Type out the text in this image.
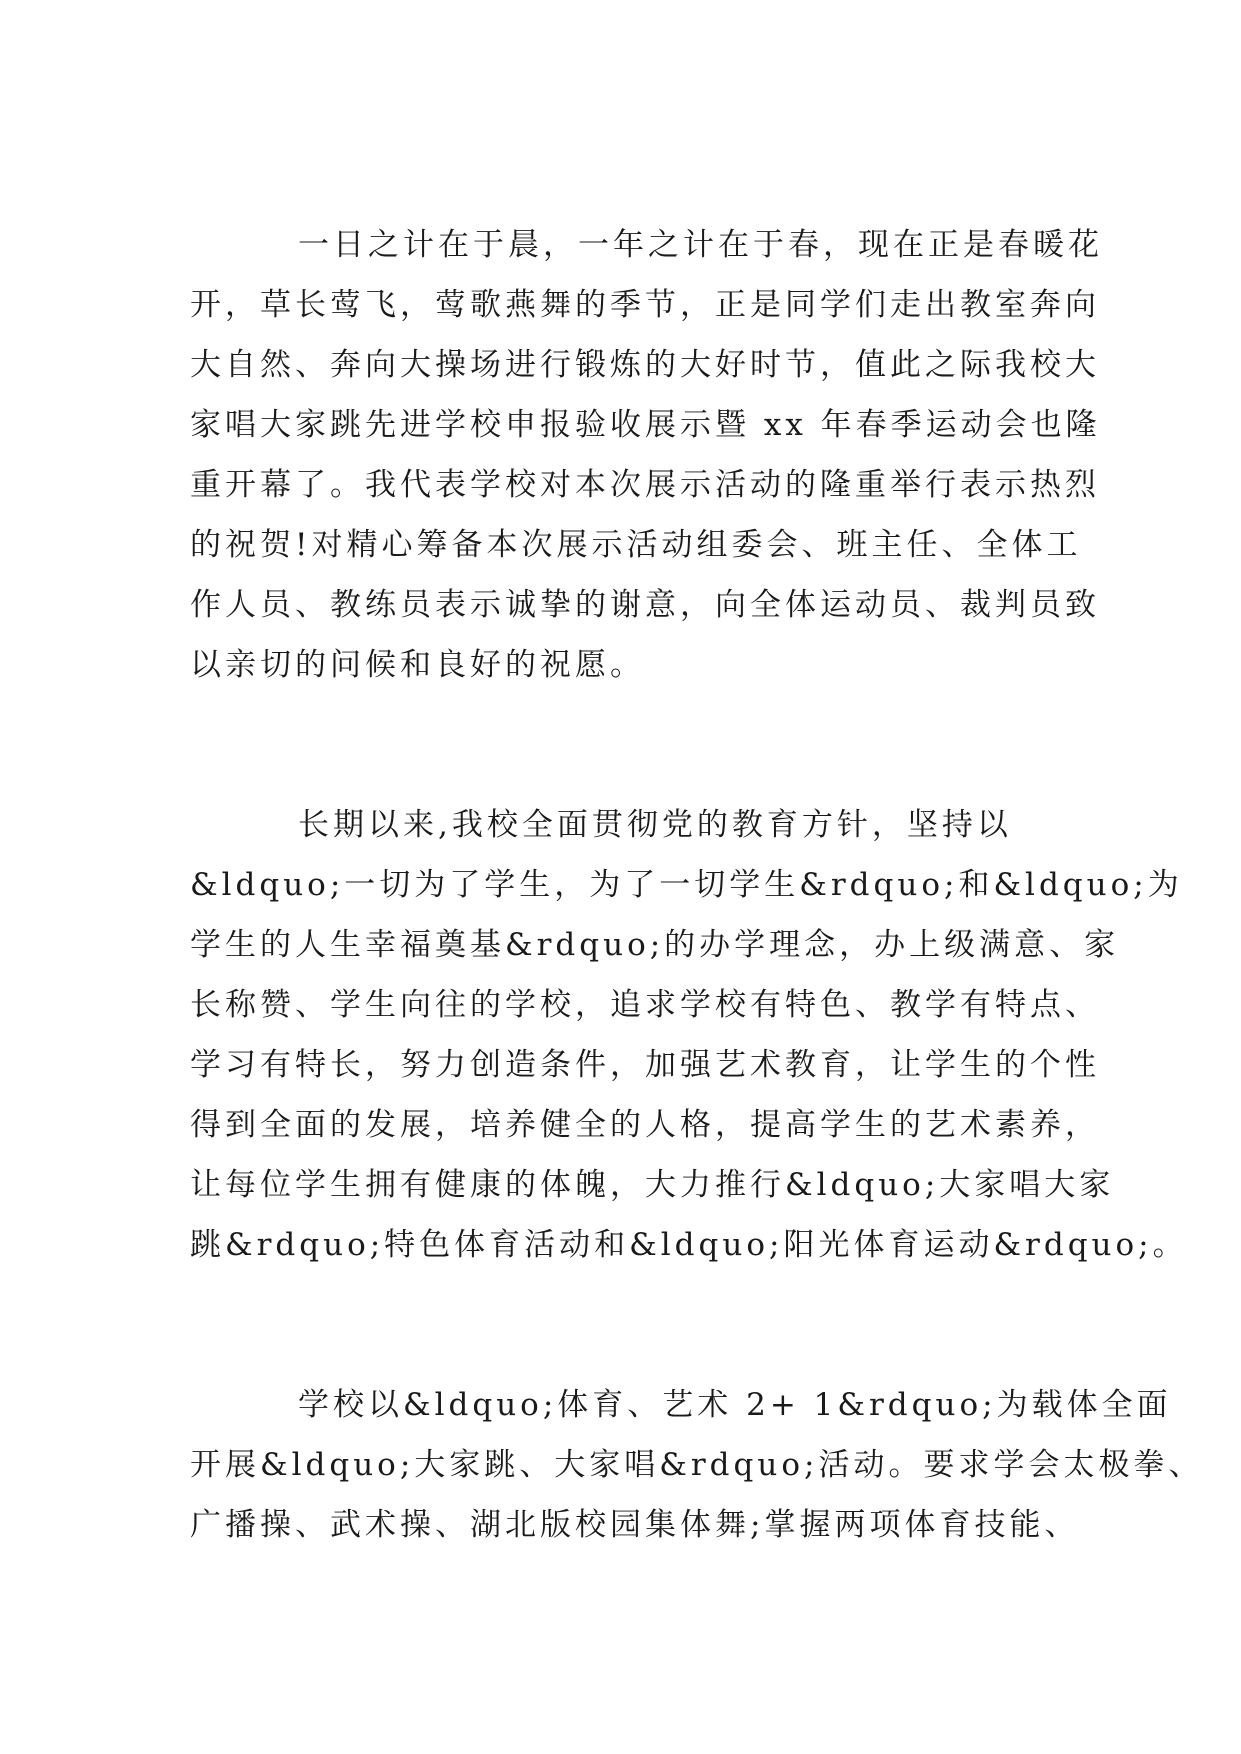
一日之计在于晨，一年之计在于春，现在正是春暖花
开，草长莺飞，莺歌燕舞的季节，正是同学们走出教室奔向
大自然、奔向大操场进行锻炼的大好时节，值此之际我校大
家唱大家跳先进学校申报验收展示暨 xx 年春季运动会也隆
重开幕了。我代表学校对本次展示活动的隆重举行表示热烈
的祝贺!对精心筹备本次展示活动组委会、班主任、全体工
作人员、教练员表示诚挚的谢意，向全体运动员、裁判员致
以亲切的问候和良好的祝愿。

长期以来,我校全面贯彻党的教育方针，坚持以
&ldquo;一切为了学生，为了一切学生&rdquo;和&ldquo;为
学生的人生幸福奠基&rdquo;的办学理念，办上级满意、家
长称赞、学生向往的学校，追求学校有特色、教学有特点、
学习有特长，努力创造条件，加强艺术教育，让学生的个性
得到全面的发展，培养健全的人格，提高学生的艺术素养，
让每位学生拥有健康的体魄，大力推行&ldquo;大家唱大家
跳&rdquo;特色体育活动和&ldquo;阳光体育运动&rdquo;。

学校以&ldquo;体育、艺术 2+ 1&rdquo;为载体全面
开展&ldquo;大家跳、大家唱&rdquo;活动。要求学会太极拳、
广播操、武术操、湖北版校园集体舞;掌握两项体育技能、
